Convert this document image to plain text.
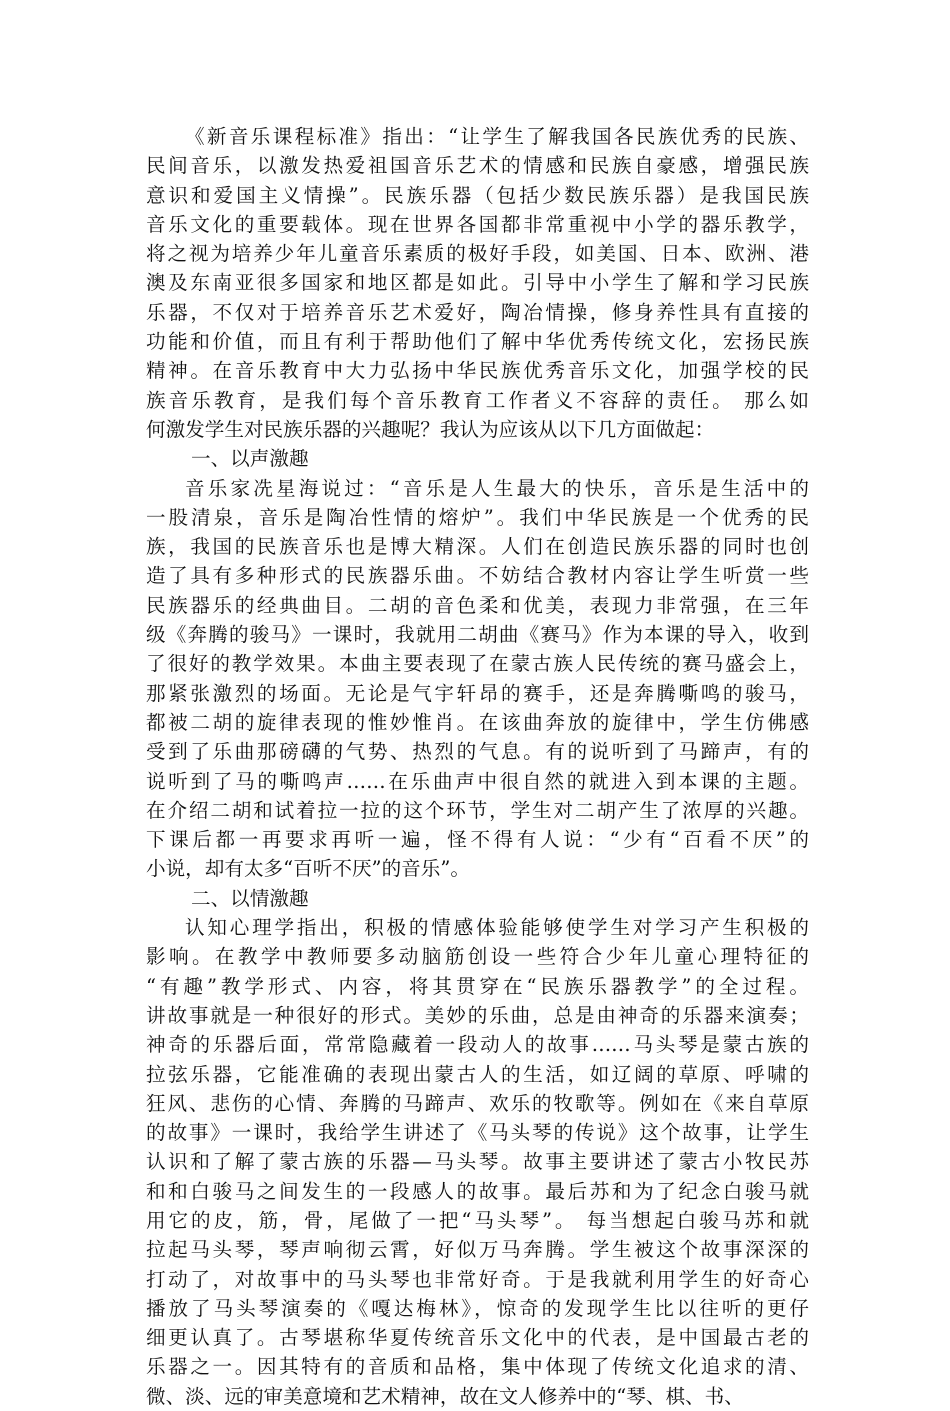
《新音乐课程标准》指出：“让学生了解我国各民族优秀的民族、
民间音乐，以激发热爱祖国音乐艺术的情感和民族自豪感，增强民族
意识和爱国主义情操”。民族乐器（包括少数民族乐器）是我国民族
音乐文化的重要载体。现在世界各国都非常重视中小学的器乐教学，
将之视为培养少年儿童音乐素质的极好手段，如美国、日本、欧洲、港
澳及东南亚很多国家和地区都是如此。引导中小学生了解和学习民族
乐器，不仅对于培养音乐艺术爱好，陶冶情操，修身养性具有直接的
功能和价值，而且有利于帮助他们了解中华优秀传统文化，宏扬民族
精神。在音乐教育中大力弘扬中华民族优秀音乐文化，加强学校的民
族音乐教育，是我们每个音乐教育工作者义不容辞的责任。 那么如
何激发学生对民族乐器的兴趣呢？我认为应该从以下几方面做起：
一、以声激趣
音乐家冼星海说过：“音乐是人生最大的快乐，音乐是生活中的
一股清泉，音乐是陶冶性情的熔炉”。我们中华民族是一个优秀的民
族，我国的民族音乐也是博大精深。人们在创造民族乐器的同时也创
造了具有多种形式的民族器乐曲。不妨结合教材内容让学生听赏一些
民族器乐的经典曲目。二胡的音色柔和优美，表现力非常强，在三年
级《奔腾的骏马》一课时，我就用二胡曲《赛马》作为本课的导入，收到
了很好的教学效果。本曲主要表现了在蒙古族人民传统的赛马盛会上，
那紧张激烈的场面。无论是气宇轩昂的赛手，还是奔腾嘶鸣的骏马，
都被二胡的旋律表现的惟妙惟肖。在该曲奔放的旋律中，学生仿佛感
受到了乐曲那磅礴的气势、热烈的气息。有的说听到了马蹄声，有的
说听到了马的嘶鸣声……在乐曲声中很自然的就进入到本课的主题。
在介绍二胡和试着拉一拉的这个环节，学生对二胡产生了浓厚的兴趣。
下课后都一再要求再听一遍，怪不得有人说：“少有“百看不厌”的
小说，却有太多“百听不厌”的音乐”。
二、以情激趣
认知心理学指出，积极的情感体验能够使学生对学习产生积极的
影响。在教学中教师要多动脑筋创设一些符合少年儿童心理特征的
“有趣”教学形式、内容，将其贯穿在“民族乐器教学”的全过程。
讲故事就是一种很好的形式。美妙的乐曲，总是由神奇的乐器来演奏；
神奇的乐器后面，常常隐藏着一段动人的故事……马头琴是蒙古族的
拉弦乐器，它能准确的表现出蒙古人的生活，如辽阔的草原、呼啸的
狂风、悲伤的心情、奔腾的马蹄声、欢乐的牧歌等。例如在《来自草原
的故事》一课时，我给学生讲述了《马头琴的传说》这个故事，让学生
认识和了解了蒙古族的乐器—马头琴。故事主要讲述了蒙古小牧民苏
和和白骏马之间发生的一段感人的故事。最后苏和为了纪念白骏马就
用它的皮，筋，骨，尾做了一把“马头琴”。 每当想起白骏马苏和就
拉起马头琴，琴声响彻云霄，好似万马奔腾。学生被这个故事深深的
打动了，对故事中的马头琴也非常好奇。于是我就利用学生的好奇心
播放了马头琴演奏的《嘎达梅林》，惊奇的发现学生比以往听的更仔
细更认真了。古琴堪称华夏传统音乐文化中的代表，是中国最古老的
乐器之一。因其特有的音质和品格，集中体现了传统文化追求的清、
微、淡、远的审美意境和艺术精神，故在文人修养中的“琴、棋、书、
